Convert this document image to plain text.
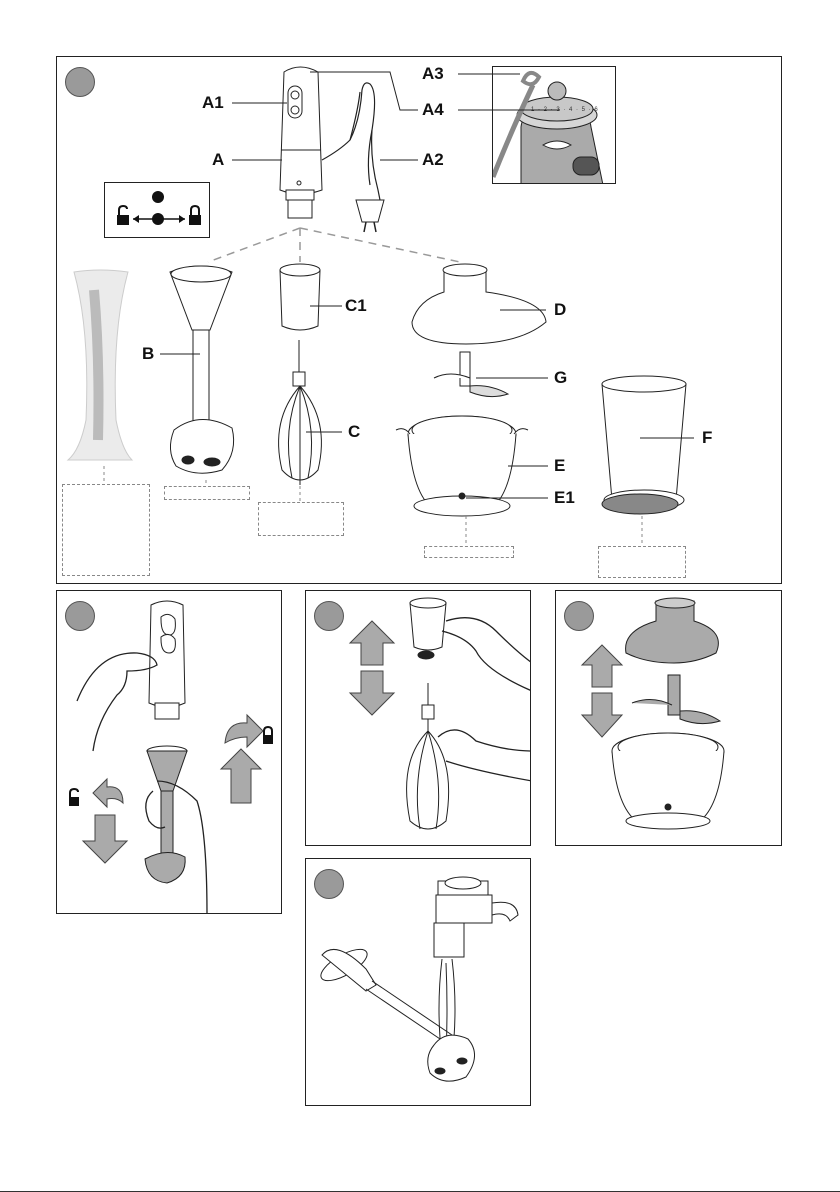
1 · 2 · 3 · 4 · 5 · 6
A1
A
A3
A4
A2
B
C1
C
D
G
E
E1
F
